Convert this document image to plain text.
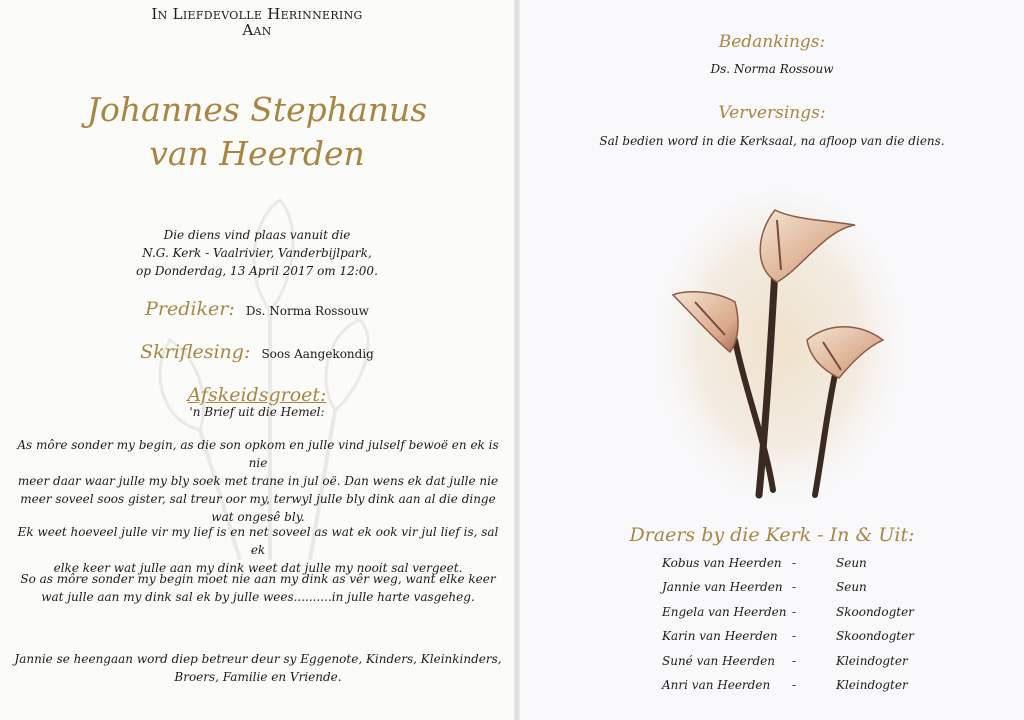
In Liefdevolle Herinnering
Aan
Johannes Stephanus
van Heerden
Die diens vind plaas vanuit die
N.G. Kerk - Vaalrivier, Vanderbijlpark,
op Donderdag, 13 April 2017 om 12:00.
Prediker: Ds. Norma Rossouw
Skriflesing: Soos Aangekondig
Afskeidsgroet:
'n Brief uit die Hemel:
As môre sonder my begin, as die son opkom en julle vind julself bewoë en ek is nie
meer daar waar julle my bly soek met trane in jul oë. Dan wens ek dat julle nie
meer soveel soos gister, sal treur oor my, terwyl julle bly dink aan al die dinge
wat ongesê bly.
Ek weet hoeveel julle vir my lief is en net soveel as wat ek ook vir jul lief is, sal ek
elke keer wat julle aan my dink weet dat julle my nooit sal vergeet.
So as môre sonder my begin moet nie aan my dink as vêr weg, want elke keer
wat julle aan my dink sal ek by julle wees..........in julle harte vasgeheg.
Jannie se heengaan word diep betreur deur sy Eggenote, Kinders, Kleinkinders,
Broers, Familie en Vriende.
Bedankings:
Ds. Norma Rossouw
Verversings:
Sal bedien word in die Kerksaal, na afloop van die diens.
Draers by die Kerk - In & Uit:
Kobus van Heerden -	Seun
Jannie van Heerden -	Seun
Engela van Heerden -	Skoondogter
Karin van Heerden -	Skoondogter
Suné van Heerden -	Kleindogter
Anri van Heerden -	Kleindogter
